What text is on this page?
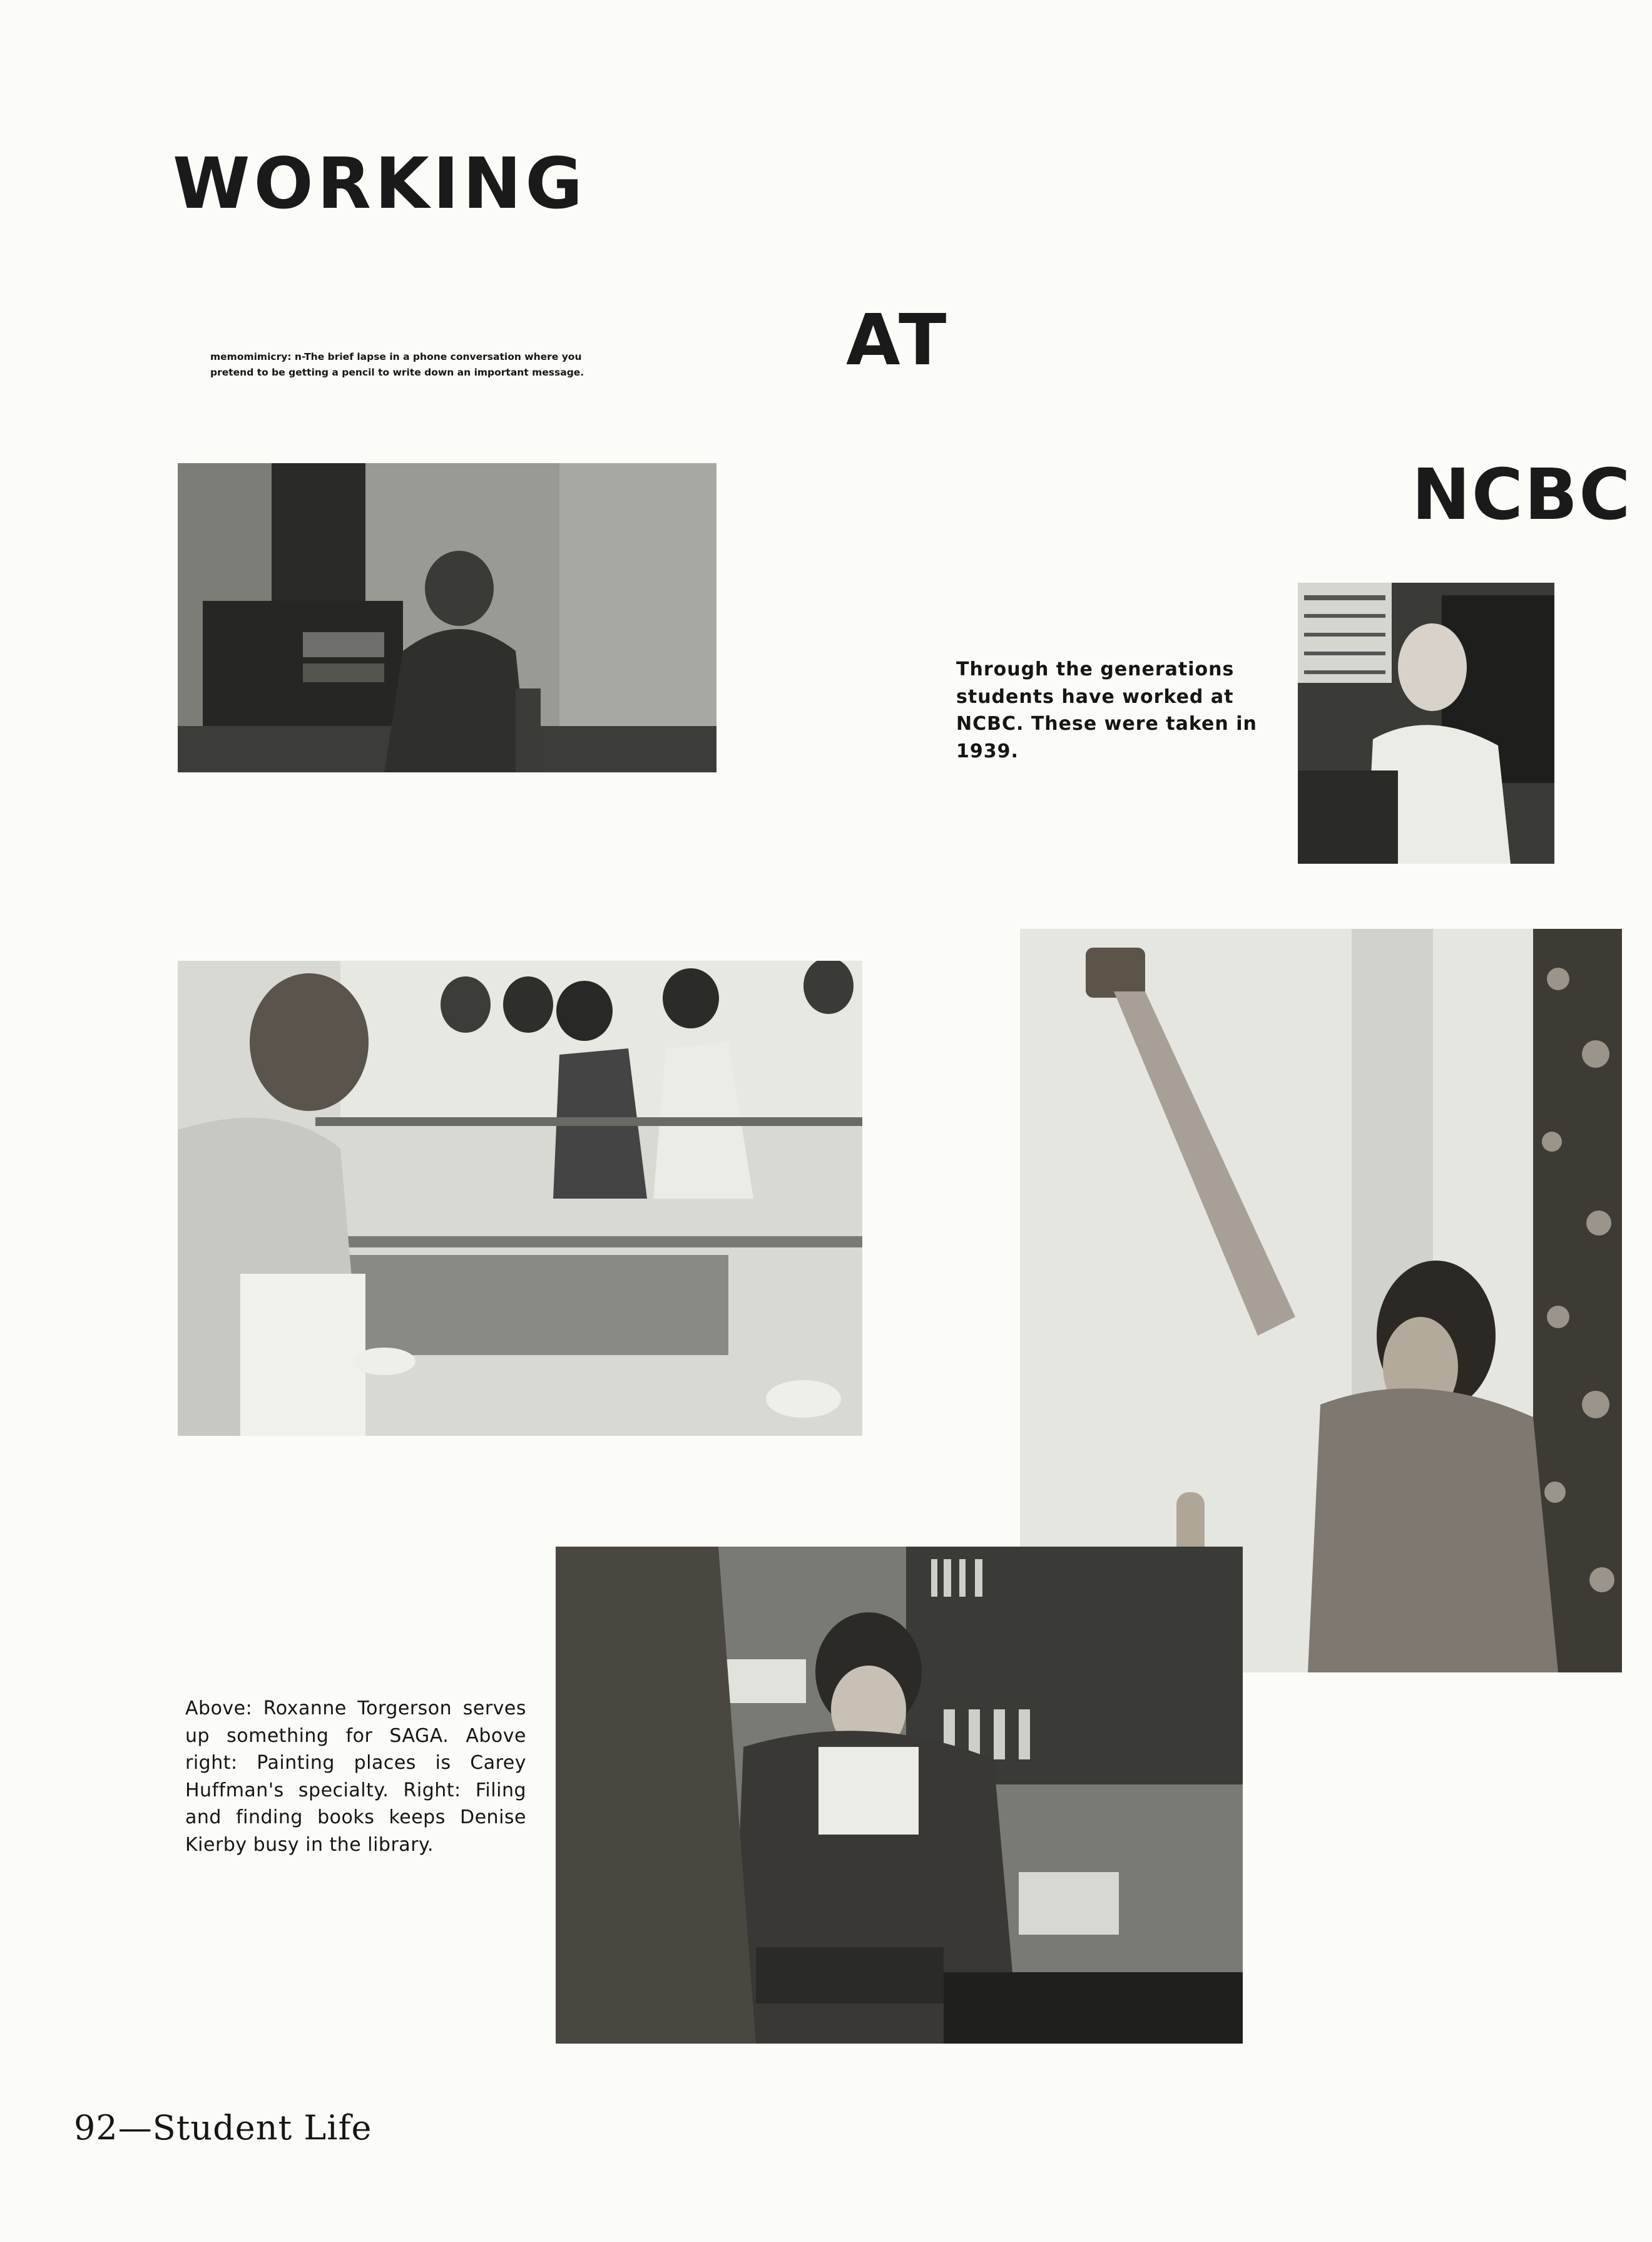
WORKING
AT
NCBC

memomimicry: n-The brief lapse in a phone conversation where you pretend to be getting a pencil to write down an important message.

Through the generations students have worked at NCBC. These were taken in 1939.
Above: Roxanne Torgerson serves up something for SAGA. Above right: Painting places is Carey Huffman's specialty. Right: Filing and finding books keeps Denise Kierby busy in the library.
92—Student Life
